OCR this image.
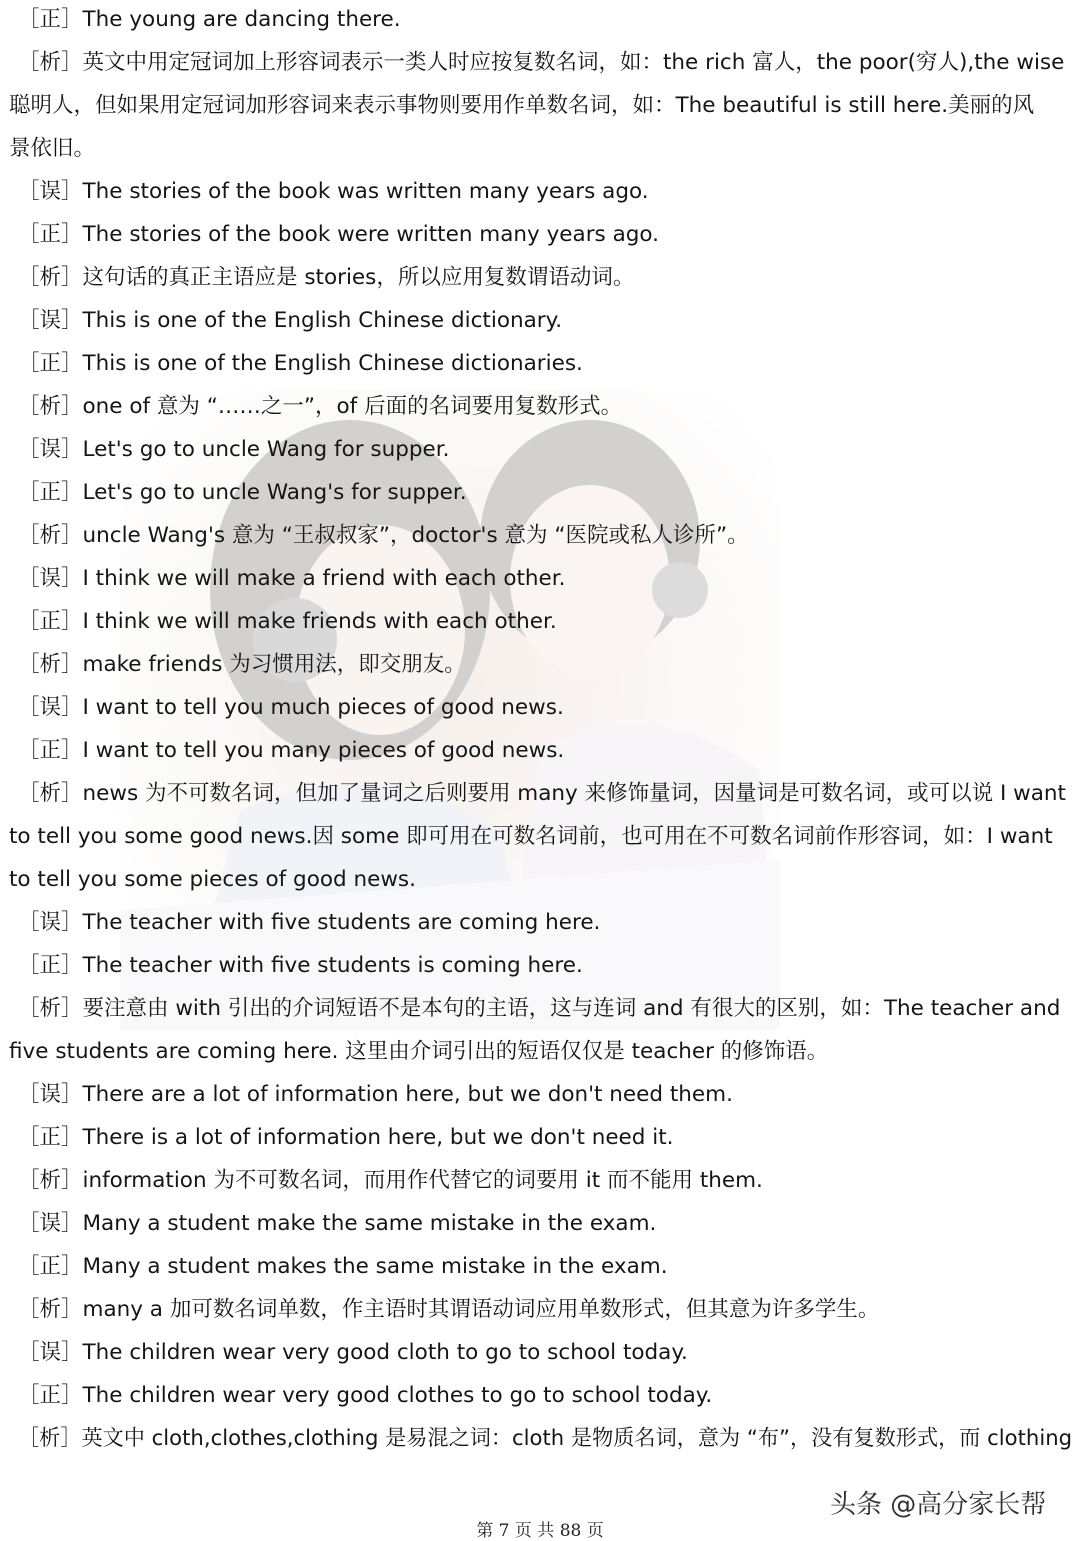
［正］The young are dancing there.
［析］英文中用定冠词加上形容词表示一类人时应按复数名词，如：the rich 富人，the poor(穷人),the wise
聪明人，但如果用定冠词加形容词来表示事物则要用作单数名词，如：The beautiful is still here.美丽的风
景依旧。
［误］The stories of the book was written many years ago.
［正］The stories of the book were written many years ago.
［析］这句话的真正主语应是 stories，所以应用复数谓语动词。
［误］This is one of the English Chinese dictionary.
［正］This is one of the English Chinese dictionaries.
［析］one of 意为 “……之一”，of 后面的名词要用复数形式。
［误］Let's go to uncle Wang for supper.
［正］Let's go to uncle Wang's for supper.
［析］uncle Wang's 意为 “王叔叔家”，doctor's 意为 “医院或私人诊所”。
［误］I think we will make a friend with each other.
［正］I think we will make friends with each other.
［析］make friends 为习惯用法，即交朋友。
［误］I want to tell you much pieces of good news.
［正］I want to tell you many pieces of good news.
［析］news 为不可数名词，但加了量词之后则要用 many 来修饰量词，因量词是可数名词，或可以说 I want
to tell you some good news.因 some 即可用在可数名词前，也可用在不可数名词前作形容词，如：I want
to tell you some pieces of good news.
［误］The teacher with five students are coming here.
［正］The teacher with five students is coming here.
［析］要注意由 with 引出的介词短语不是本句的主语，这与连词 and 有很大的区别，如：The teacher and
five students are coming here. 这里由介词引出的短语仅仅是 teacher 的修饰语。
［误］There are a lot of information here, but we don't need them.
［正］There is a lot of information here, but we don't need it.
［析］information 为不可数名词，而用作代替它的词要用 it 而不能用 them.
［误］Many a student make the same mistake in the exam.
［正］Many a student makes the same mistake in the exam.
［析］many a 加可数名词单数，作主语时其谓语动词应用单数形式，但其意为许多学生。
［误］The children wear very good cloth to go to school today.
［正］The children wear very good clothes to go to school today.
［析］英文中 cloth,clothes,clothing 是易混之词：cloth 是物质名词，意为 “布”，没有复数形式，而 clothing
头条 @高分家长帮
第 7 页 共 88 页
